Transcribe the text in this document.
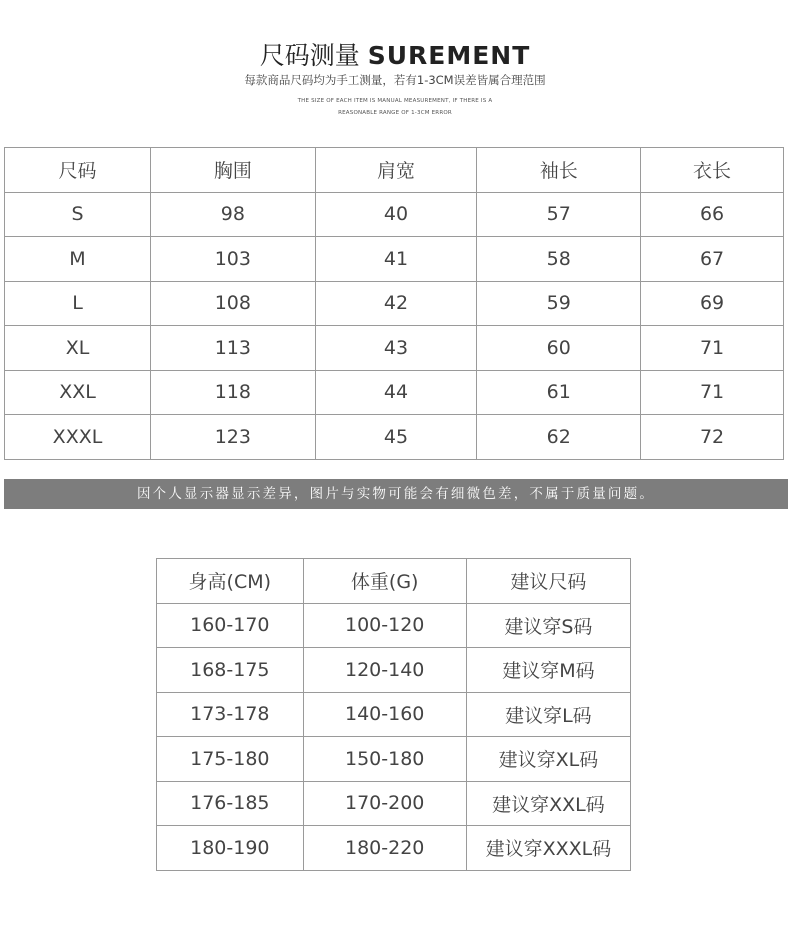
尺码测量 SUREMENT
每款商品尺码均为手工测量，若有1-3CM误差皆属合理范围
THE SIZE OF EACH ITEM IS MANUAL MEASUREMENT, IF THERE IS A
REASONABLE RANGE OF 1-3CM ERROR
尺码	胸围	肩宽	袖长	衣长
S	98	40	57	66
M	103	41	58	67
L	108	42	59	69
XL	113	43	60	71
XXL	118	44	61	71
XXXL	123	45	62	72
因个人显示器显示差异，图片与实物可能会有细微色差，不属于质量问题。
身高(CM)	体重(G)	建议尺码
160-170	100-120	建议穿S码
168-175	120-140	建议穿M码
173-178	140-160	建议穿L码
175-180	150-180	建议穿XL码
176-185	170-200	建议穿XXL码
180-190	180-220	建议穿XXXL码
